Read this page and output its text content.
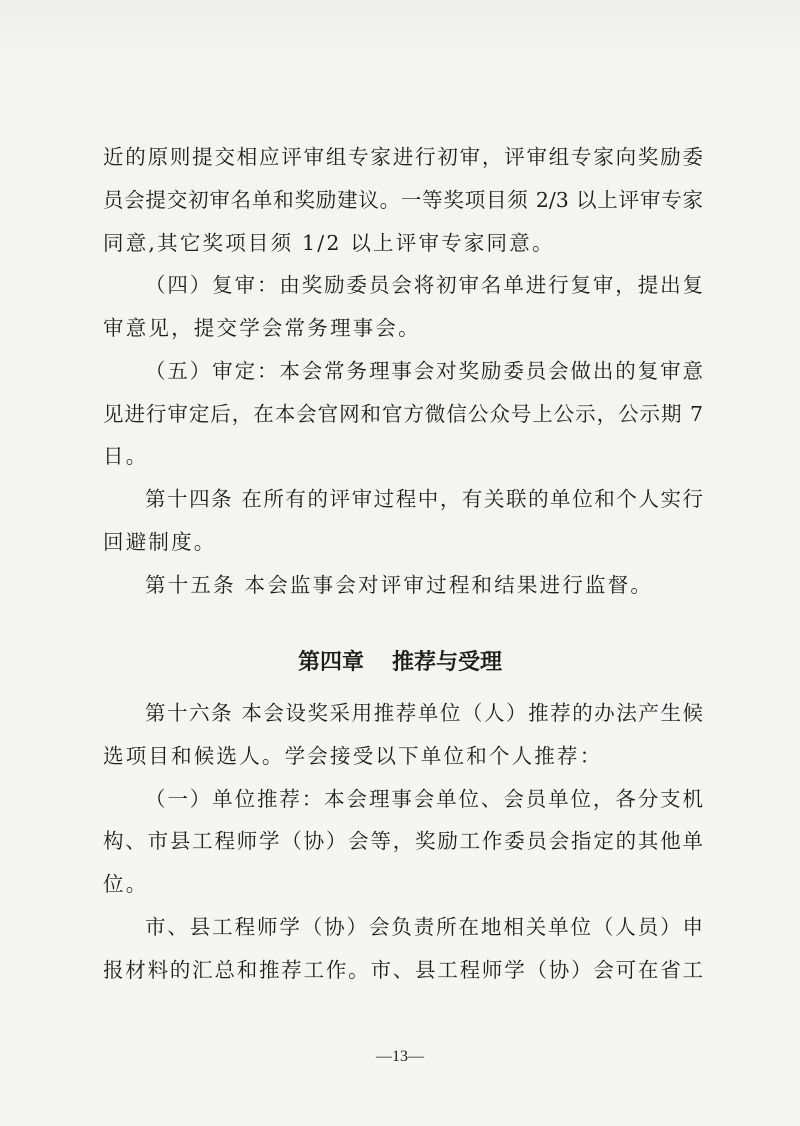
近的原则提交相应评审组专家进行初审，评审组专家向奖励委
员会提交初审名单和奖励建议。一等奖项目须 2/3 以上评审专家
同意,其它奖项目须 1/2 以上评审专家同意。
（四）复审：由奖励委员会将初审名单进行复审，提出复
审意见，提交学会常务理事会。
（五）审定：本会常务理事会对奖励委员会做出的复审意
见进行审定后，在本会官网和官方微信公众号上公示，公示期 7
日。
第十四条 在所有的评审过程中，有关联的单位和个人实行
回避制度。
第十五条 本会监事会对评审过程和结果进行监督。
第四章 推荐与受理
第十六条 本会设奖采用推荐单位（人）推荐的办法产生候
选项目和候选人。学会接受以下单位和个人推荐：
（一）单位推荐：本会理事会单位、会员单位，各分支机
构、市县工程师学（协）会等，奖励工作委员会指定的其他单
位。
市、县工程师学（协）会负责所在地相关单位（人员）申
报材料的汇总和推荐工作。市、县工程师学（协）会可在省工
—13—
